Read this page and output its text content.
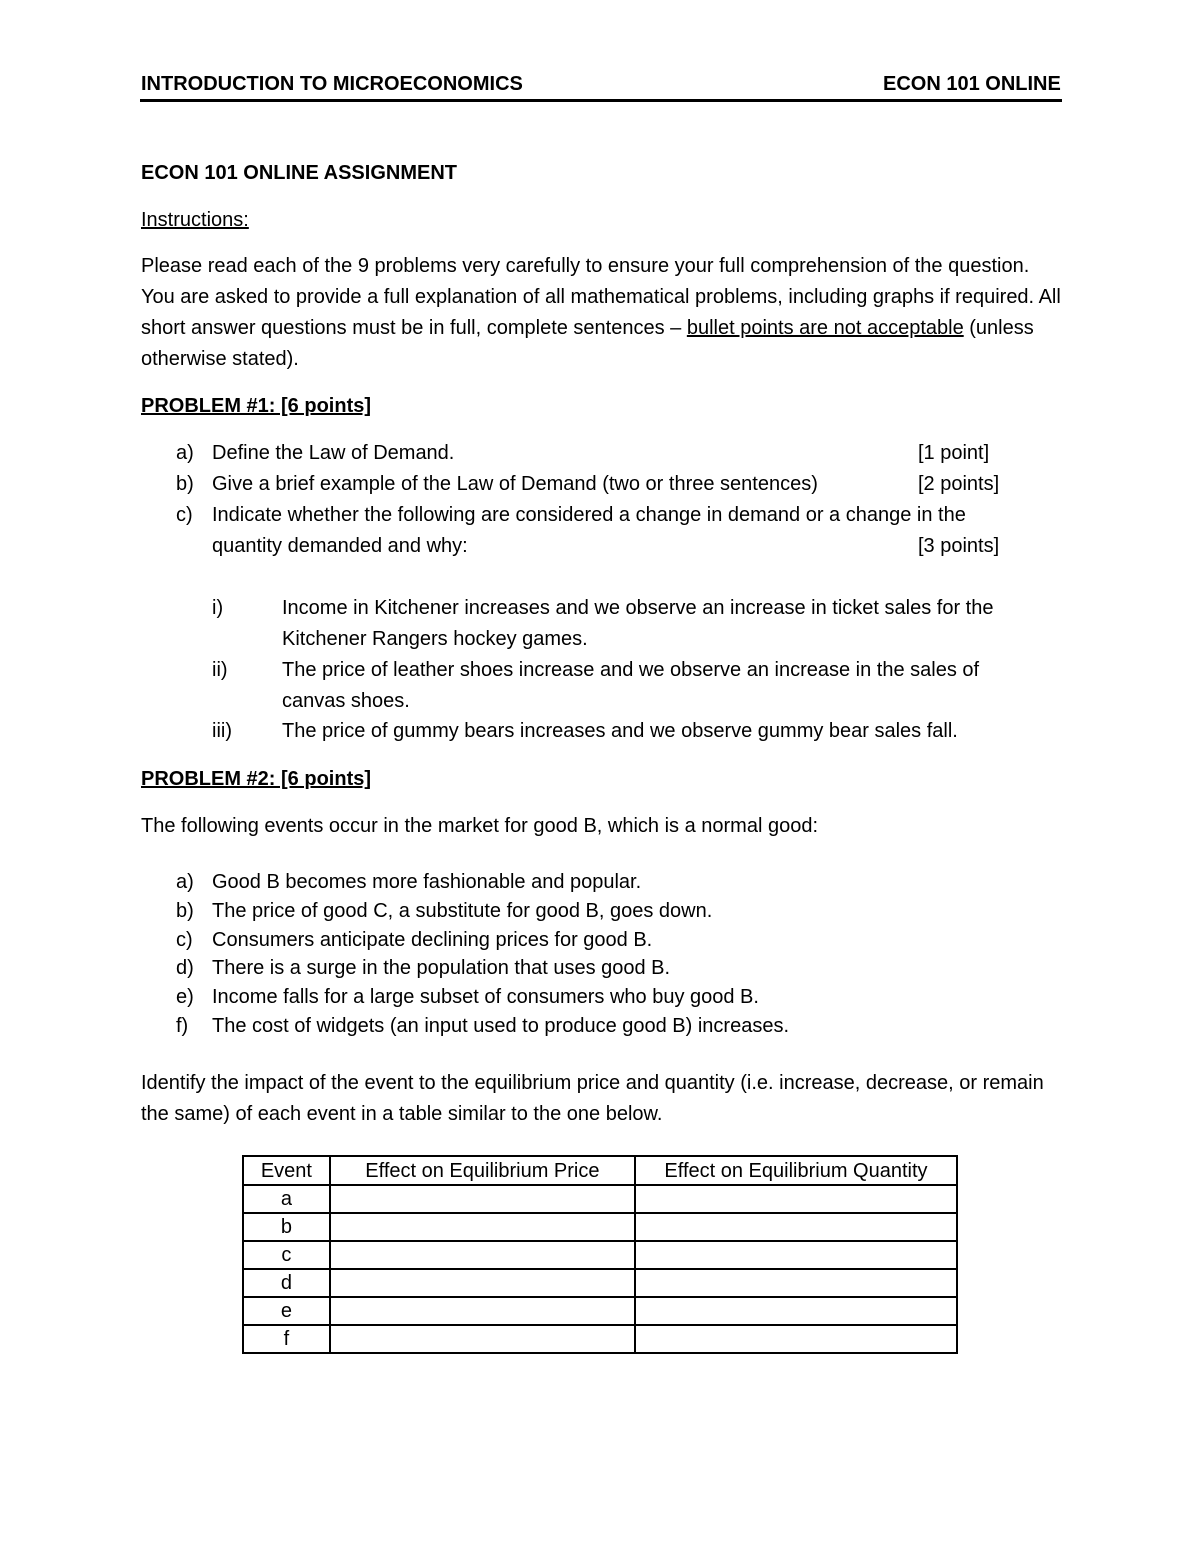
INTRODUCTION TO MICROECONOMICS	ECON 101 ONLINE
ECON 101 ONLINE ASSIGNMENT
Instructions:
Please read each of the 9 problems very carefully to ensure your full comprehension of the question. You are asked to provide a full explanation of all mathematical problems, including graphs if required. All short answer questions must be in full, complete sentences – bullet points are not acceptable (unless otherwise stated).
PROBLEM #1: [6 points]
a) Define the Law of Demand.	[1 point]
b) Give a brief example of the Law of Demand (two or three sentences)	[2 points]
c) Indicate whether the following are considered a change in demand or a change in the
quantity demanded and why:	[3 points]
i)	Income in Kitchener increases and we observe an increase in ticket sales for the
Kitchener Rangers hockey games.
ii)	The price of leather shoes increase and we observe an increase in the sales of
canvas shoes.
iii)	The price of gummy bears increases and we observe gummy bear sales fall.
PROBLEM #2: [6 points]
The following events occur in the market for good B, which is a normal good:
a) Good B becomes more fashionable and popular.
b) The price of good C, a substitute for good B, goes down.
c) Consumers anticipate declining prices for good B.
d) There is a surge in the population that uses good B.
e) Income falls for a large subset of consumers who buy good B.
f) The cost of widgets (an input used to produce good B) increases.
Identify the impact of the event to the equilibrium price and quantity (i.e. increase, decrease, or remain the same) of each event in a table similar to the one below.
Event	Effect on Equilibrium Price	Effect on Equilibrium Quantity
a		
b		
c		
d		
e		
f		
